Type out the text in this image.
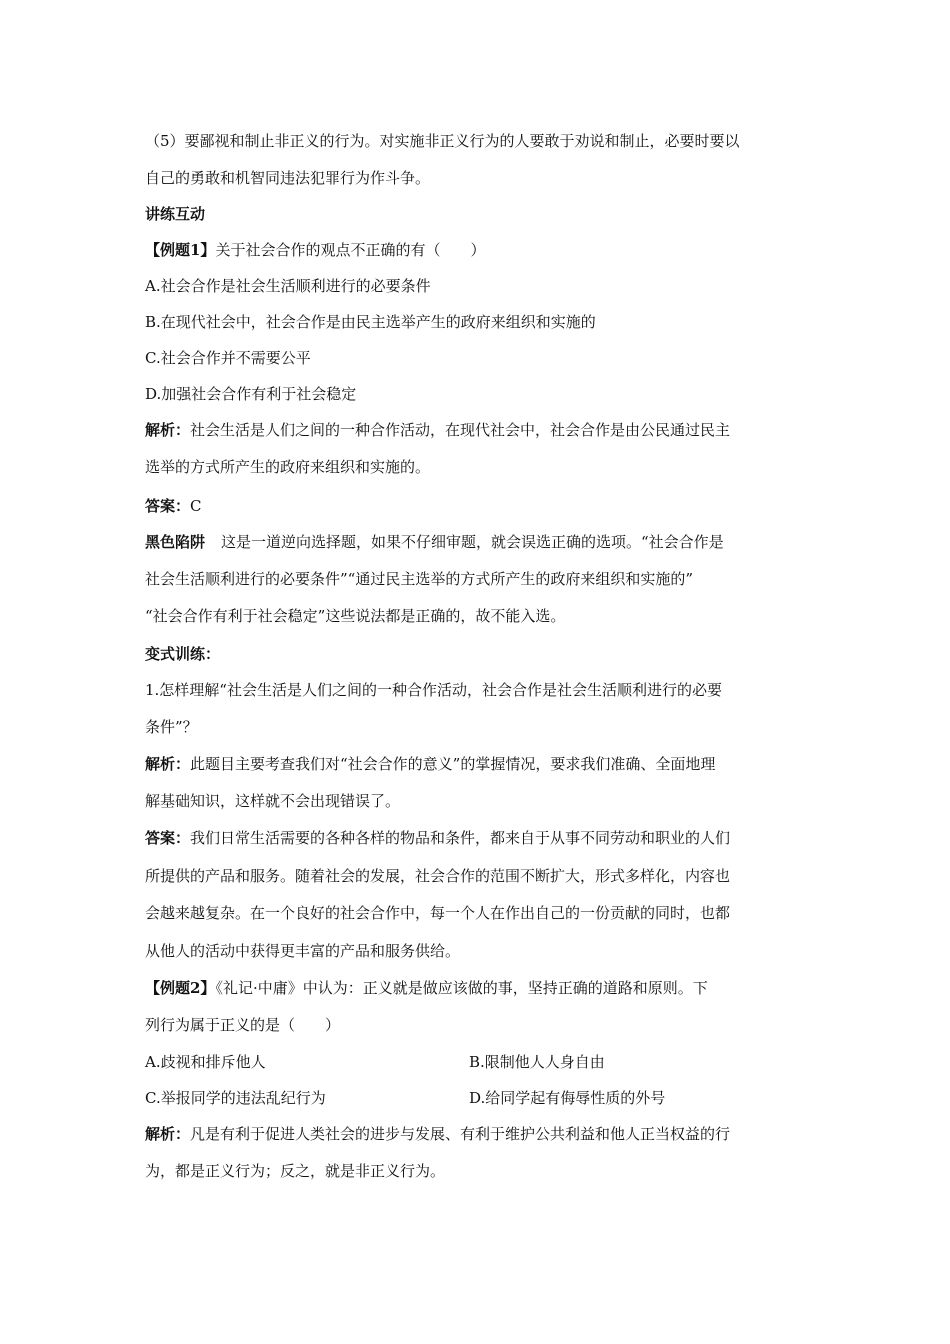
（5）要鄙视和制止非正义的行为。对实施非正义行为的人要敢于劝说和制止，必要时要以
自己的勇敢和机智同违法犯罪行为作斗争。
讲练互动
【例题1】关于社会合作的观点不正确的有（　　）
A.社会合作是社会生活顺利进行的必要条件
B.在现代社会中，社会合作是由民主选举产生的政府来组织和实施的
C.社会合作并不需要公平
D.加强社会合作有利于社会稳定
解析：社会生活是人们之间的一种合作活动，在现代社会中，社会合作是由公民通过民主
选举的方式所产生的政府来组织和实施的。
答案：C
黑色陷阱 这是一道逆向选择题，如果不仔细审题，就会误选正确的选项。“社会合作是
社会生活顺利进行的必要条件”“通过民主选举的方式所产生的政府来组织和实施的”
“社会合作有利于社会稳定”这些说法都是正确的，故不能入选。
变式训练：
1.怎样理解“社会生活是人们之间的一种合作活动，社会合作是社会生活顺利进行的必要
条件”？
解析：此题目主要考查我们对“社会合作的意义”的掌握情况，要求我们准确、全面地理
解基础知识，这样就不会出现错误了。
答案：我们日常生活需要的各种各样的物品和条件，都来自于从事不同劳动和职业的人们
所提供的产品和服务。随着社会的发展，社会合作的范围不断扩大，形式多样化，内容也
会越来越复杂。在一个良好的社会合作中，每一个人在作出自己的一份贡献的同时，也都
从他人的活动中获得更丰富的产品和服务供给。
【例题2】《礼记·中庸》中认为：正义就是做应该做的事，坚持正确的道路和原则。下
列行为属于正义的是（　　）
A.歧视和排斥他人	B.限制他人人身自由
C.举报同学的违法乱纪行为	D.给同学起有侮辱性质的外号
解析：凡是有利于促进人类社会的进步与发展、有利于维护公共利益和他人正当权益的行
为，都是正义行为；反之，就是非正义行为。
